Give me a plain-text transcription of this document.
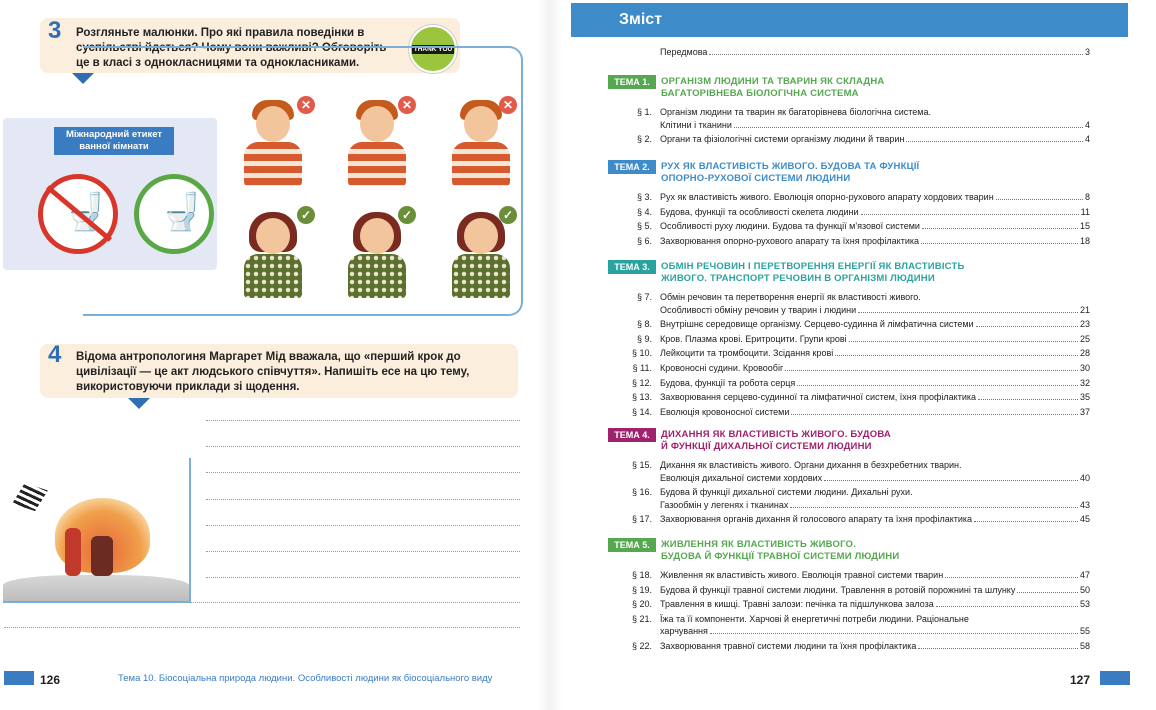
3 Розгляньте малюнки. Про які правила поведінки в суспільстві йдеться? Чому вони важливі? Обговоріть це в класі з однокласницями та однокласниками.
THANK YOU
Міжнародний етикет ванної кімнати
🚽 🚽
✕	✕	✕
✓	✓	✓
4 Відома антропологиня Маргарет Мід вважала, що «перший крок до цивілізації — це акт людського співчуття». Напишіть есе на цю тему, використовуючи приклади зі щодення.
126	Тема 10. Біосоціальна природа людини. Особливості людини як біосоціального виду
Зміст
Передмова	3
ТЕМА 1.	ОРГАНІЗМ ЛЮДИНИ ТА ТВАРИН ЯК СКЛАДНА
БАГАТОРІВНЕВА БІОЛОГІЧНА СИСТЕМА
§ 1. Організм людини та тварин як багаторівнева біологічна система.
Клітини і тканини	4
§ 2. Органи та фізіологічні системи організму людини й тварин	4
ТЕМА 2.	РУХ ЯК ВЛАСТИВІСТЬ ЖИВОГО. БУДОВА ТА ФУНКЦІЇ
ОПОРНО-РУХОВОЇ СИСТЕМИ ЛЮДИНИ
§ 3. Рух як властивість живого. Еволюція опорно-рухового апарату хордових тварин	8
§ 4. Будова, функції та особливості скелета людини	11
§ 5. Особливості руху людини. Будова та функції м'язової системи	15
§ 6. Захворювання опорно-рухового апарату та їхня профілактика	18
ТЕМА 3.	ОБМІН РЕЧОВИН І ПЕРЕТВОРЕННЯ ЕНЕРГІЇ ЯК ВЛАСТИВІСТЬ
ЖИВОГО. ТРАНСПОРТ РЕЧОВИН В ОРГАНІЗМІ ЛЮДИНИ
§ 7. Обмін речовин та перетворення енергії як властивості живого.
Особливості обміну речовин у тварин і людини	21
§ 8. Внутрішнє середовище організму. Серцево-судинна й лімфатична системи	23
§ 9. Кров. Плазма крові. Еритроцити. Групи крові	25
§ 10. Лейкоцити та тромбоцити. Зсідання крові	28
§ 11. Кровоносні судини. Кровообіг	30
§ 12. Будова, функції та робота серця	32
§ 13. Захворювання серцево-судинної та лімфатичної систем, їхня профілактика	35
§ 14. Еволюція кровоносної системи	37
ТЕМА 4.	ДИХАННЯ ЯК ВЛАСТИВІСТЬ ЖИВОГО. БУДОВА
Й ФУНКЦІЇ ДИХАЛЬНОЇ СИСТЕМИ ЛЮДИНИ
§ 15. Дихання як властивість живого. Органи дихання в безхребетних тварин.
Еволюція дихальної системи хордових	40
§ 16. Будова й функції дихальної системи людини. Дихальні рухи.
Газообмін у легенях і тканинах	43
§ 17. Захворювання органів дихання й голосового апарату та їхня профілактика	45
ТЕМА 5.	ЖИВЛЕННЯ ЯК ВЛАСТИВІСТЬ ЖИВОГО.
БУДОВА Й ФУНКЦІЇ ТРАВНОЇ СИСТЕМИ ЛЮДИНИ
§ 18. Живлення як властивість живого. Еволюція травної системи тварин	47
§ 19. Будова й функції травної системи людини. Травлення в ротовій порожнині та шлунку	50
§ 20. Травлення в кишці. Травні залози: печінка та підшлункова залоза	53
§ 21. Їжа та її компоненти. Харчові й енергетичні потреби людини. Раціональне
харчування	55
§ 22. Захворювання травної системи людини та їхня профілактика	58
127
